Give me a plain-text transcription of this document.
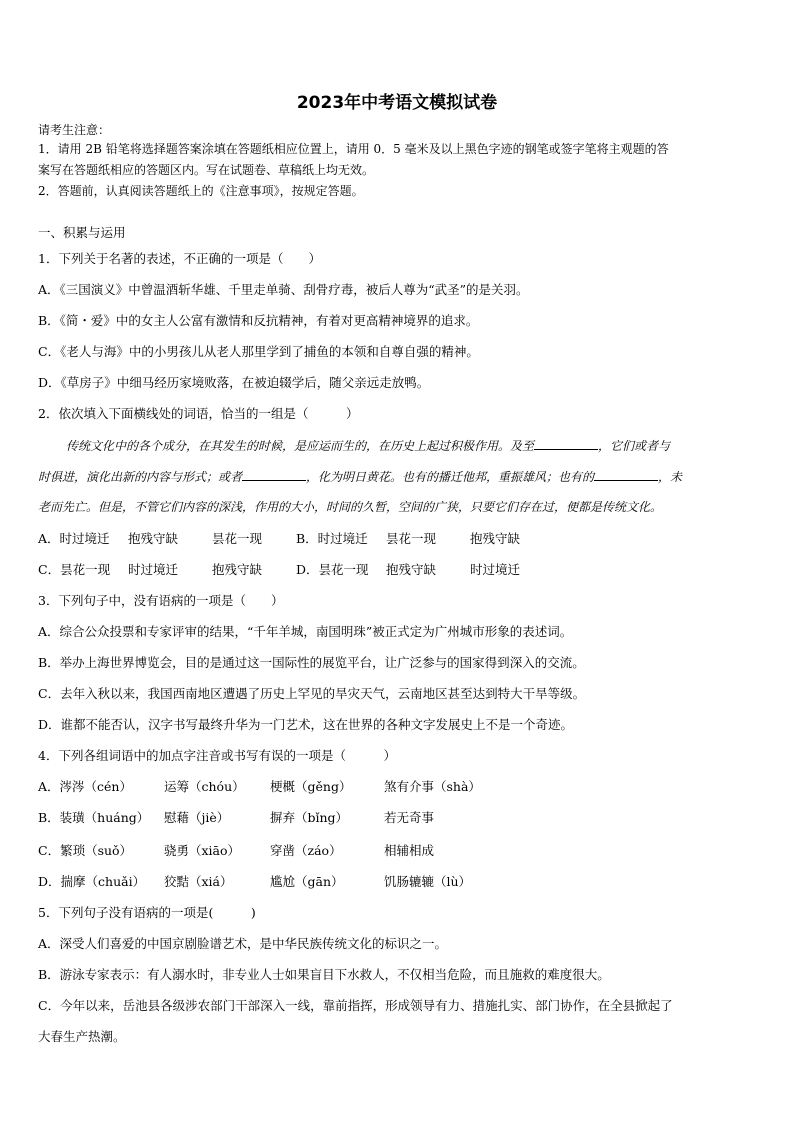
2023年中考语文模拟试卷
请考生注意：
1．请用 2B 铅笔将选择题答案涂填在答题纸相应位置上，请用 0．5 毫米及以上黑色字迹的钢笔或签字笔将主观题的答
案写在答题纸相应的答题区内。写在试题卷、草稿纸上均无效。
2．答题前，认真阅读答题纸上的《注意事项》，按规定答题。
一、积累与运用
1．下列关于名著的表述，不正确的一项是（　　）
A．《三国演义》中曾温酒斩华雄、千里走单骑、刮骨疗毒，被后人尊为“武圣”的是关羽。
B．《简・爱》中的女主人公富有激情和反抗精神，有着对更高精神境界的追求。
C．《老人与海》中的小男孩儿从老人那里学到了捕鱼的本领和自尊自强的精神。
D．《草房子》中细马经历家境败落，在被迫辍学后，随父亲远走放鸭。
2．依次填入下面横线处的词语，恰当的一组是（　　　）
传统文化中的各个成分，在其发生的时候，是应运而生的，在历史上起过积极作用。及至	，它们或者与
时俱进，演化出新的内容与形式；或者	，化为明日黄花。也有的播迁他邦，重振雄风；也有的	，未
老而先亡。但是，不管它们内容的深浅，作用的大小，时间的久暂，空间的广狭，只要它们存在过，便都是传统文化。
A．时过境迁 抱残守缺	昙花一现	B．时过境迁 昙花一现	抱残守缺
C．昙花一现 时过境迁	抱残守缺	D．昙花一现 抱残守缺	时过境迁
3．下列句子中，没有语病的一项是（　　）
A．综合公众投票和专家评审的结果，“千年羊城，南国明珠”被正式定为广州城市形象的表述词。
B．举办上海世界博览会，目的是通过这一国际性的展览平台，让广泛参与的国家得到深入的交流。
C．去年入秋以来，我国西南地区遭遇了历史上罕见的旱灾天气，云南地区甚至达到特大干旱等级。
D．谁都不能否认，汉字书写最终升华为一门艺术，这在世界的各种文字发展史上不是一个奇迹。
4．下列各组词语中的加点字注音或书写有误的一项是（　　　）
A．涔涔（cén）	运筹（chóu） 梗概（gěng）	煞有介事（shà）
B．装璜（huáng） 慰藉（jiè）	摒弃（bǐng）	若无奇事
C．繁琐（suǒ）	骁勇（xiāo） 穿凿（záo）	相辅相成
D．揣摩（chuǎi） 狡黠（xiá）	尴尬（gān）	饥肠辘辘（lù）
5．下列句子没有语病的一项是(　　　)
A．深受人们喜爱的中国京剧脸谱艺术，是中华民族传统文化的标识之一。
B．游泳专家表示：有人溺水时，非专业人士如果盲目下水救人，不仅相当危险，而且施救的难度很大。
C．今年以来，岳池县各级涉农部门干部深入一线，靠前指挥，形成领导有力、措施扎实、部门协作，在全县掀起了
大春生产热潮。
